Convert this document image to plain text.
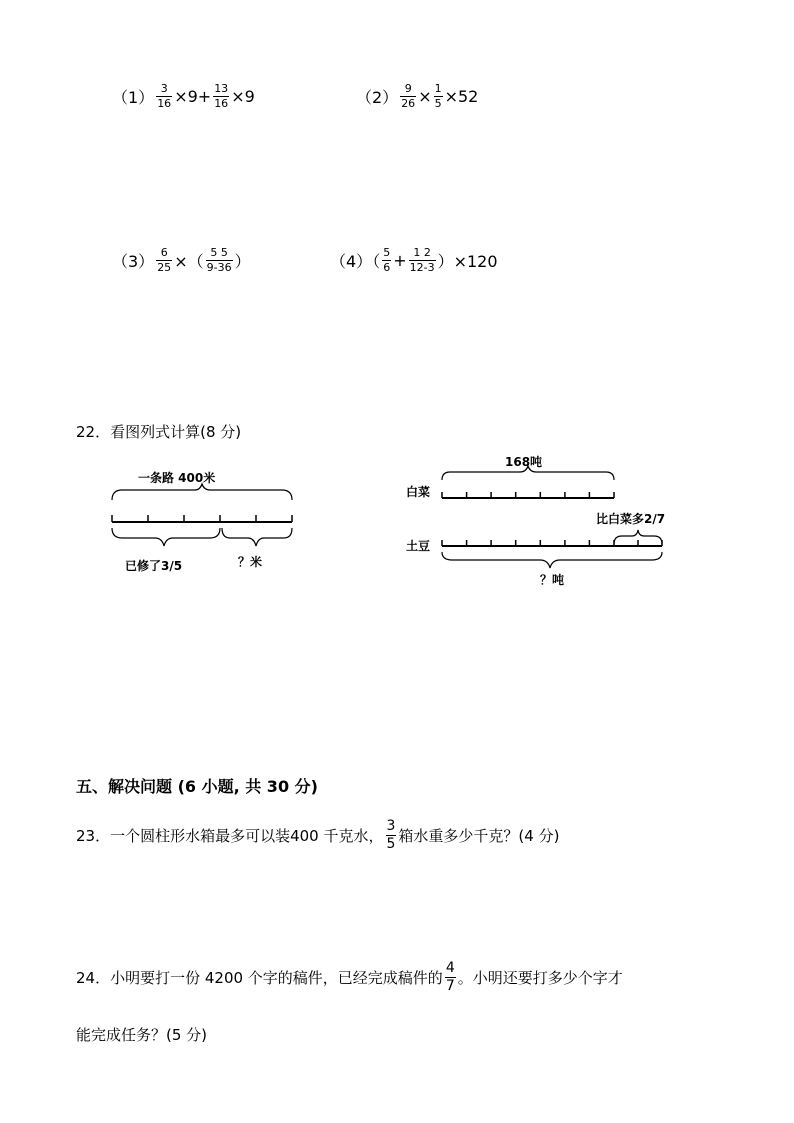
$(1) \frac{3}{16} \times 9+ \frac{13}{16} \times 9$	$(2) \frac{9}{26} \times \frac{1}{5} \times 52$
$(3) \frac{6}{25}$ ×（ $\frac{5 5}{9-36}$ ）	$(4)( \frac{5}{6} + \frac{1 2}{12-3} )\times 120$
22．看图列式计算(8 分)
一条路 400米
已修了3/5	？米
168吨
白菜
比白菜多2/7
土豆
？吨
五、解决问题 (6 小题, 共 30 分)
23．一个圆柱形水箱最多可以装400 千克水， $\frac{3}{5}$ 箱水重多少千克？(4 分)
24．小明要打一份 4200 个字的稿件，已经完成稿件的 $\frac{4}{7}$ 。小明还要打多少个字才
能完成任务？(5 分)
